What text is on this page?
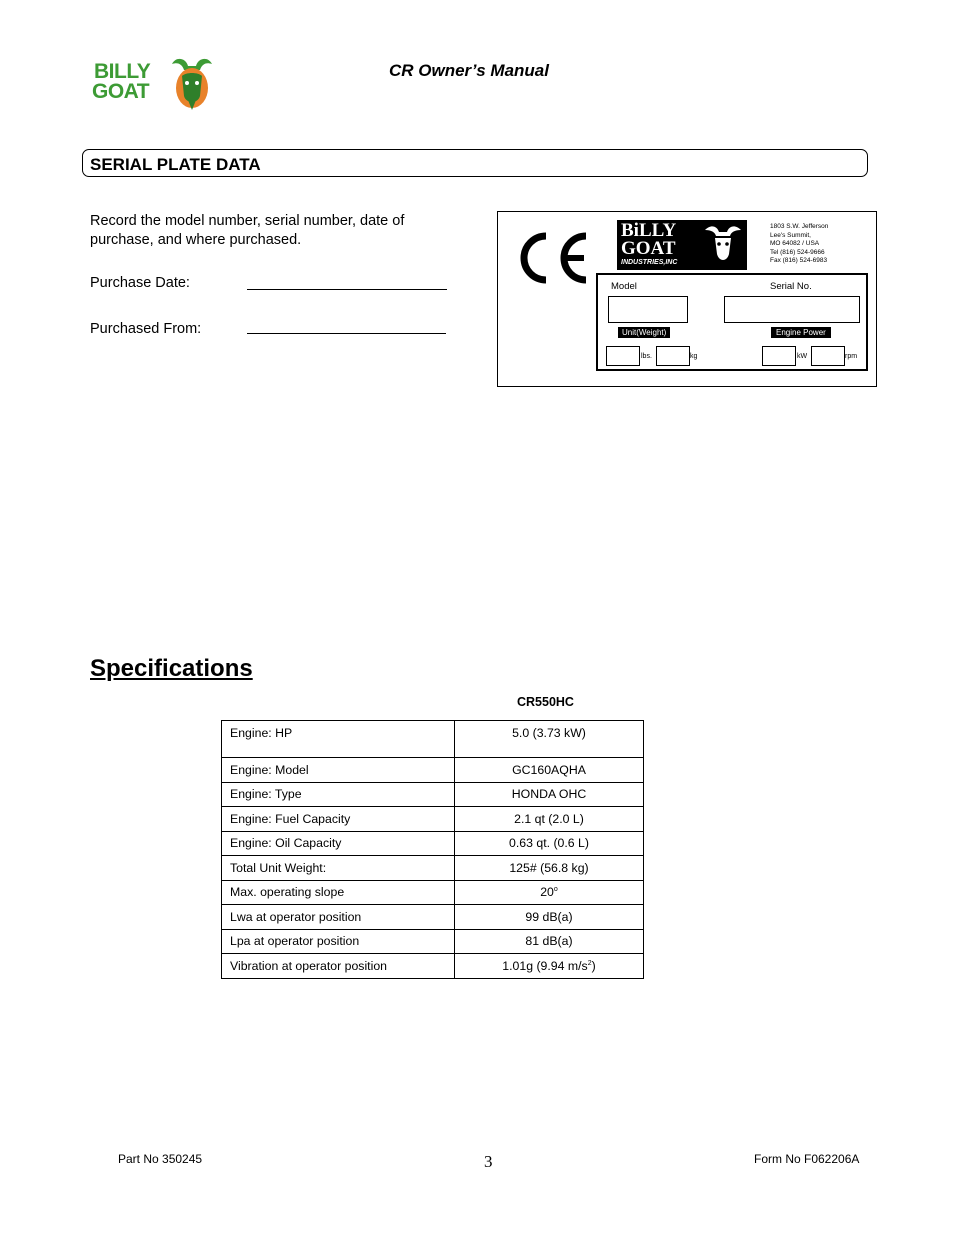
BILLY
GOAT
CR Owner’s Manual
SERIAL PLATE DATA
Record the model number, serial number, date of purchase, and where purchased.
Purchase Date:
Purchased From:
BiLLY
GOAT
INDUSTRIES,INC
1803 S.W. Jefferson
Lee's Summit,
MO 64082 / USA
Tel (816) 524-9666
Fax (816) 524-6983
Model	Serial No.
Unit(Weight)	Engine Power
lbs.	kg	kW	rpm
Specifications
CR550HC
Engine: HP	5.0 (3.73 kW)
Engine: Model	GC160AQHA
Engine: Type	HONDA OHC
Engine: Fuel Capacity	2.1 qt (2.0 L)
Engine: Oil Capacity	0.63 qt. (0.6 L)
Total Unit Weight:	125# (56.8 kg)
Max. operating slope	20$^o$
Lwa at operator position	99 dB(a)
Lpa at operator position	81 dB(a)
Vibration at operator position	1.01g (9.94 $m/s^2$)
Part No 350245	3	Form No F062206A
